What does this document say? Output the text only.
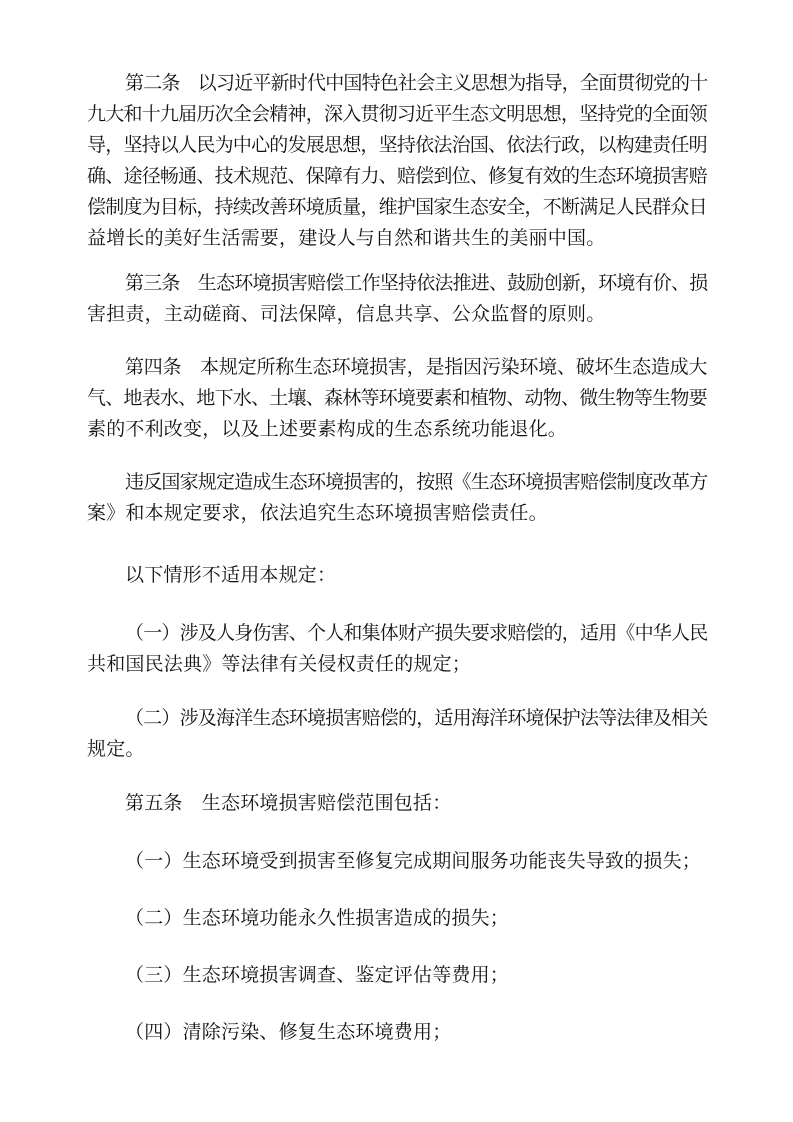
第二条　以习近平新时代中国特色社会主义思想为指导，全面贯彻党的十
九大和十九届历次全会精神，深入贯彻习近平生态文明思想，坚持党的全面领
导，坚持以人民为中心的发展思想，坚持依法治国、依法行政，以构建责任明
确、途径畅通、技术规范、保障有力、赔偿到位、修复有效的生态环境损害赔
偿制度为目标，持续改善环境质量，维护国家生态安全，不断满足人民群众日
益增长的美好生活需要，建设人与自然和谐共生的美丽中国。
第三条　生态环境损害赔偿工作坚持依法推进、鼓励创新，环境有价、损
害担责，主动磋商、司法保障，信息共享、公众监督的原则。
第四条　本规定所称生态环境损害，是指因污染环境、破坏生态造成大
气、地表水、地下水、土壤、森林等环境要素和植物、动物、微生物等生物要
素的不利改变，以及上述要素构成的生态系统功能退化。
违反国家规定造成生态环境损害的，按照《生态环境损害赔偿制度改革方
案》和本规定要求，依法追究生态环境损害赔偿责任。
以下情形不适用本规定：
（一）涉及人身伤害、个人和集体财产损失要求赔偿的，适用《中华人民
共和国民法典》等法律有关侵权责任的规定；
（二）涉及海洋生态环境损害赔偿的，适用海洋环境保护法等法律及相关
规定。
第五条　生态环境损害赔偿范围包括：
（一）生态环境受到损害至修复完成期间服务功能丧失导致的损失；
（二）生态环境功能永久性损害造成的损失；
（三）生态环境损害调查、鉴定评估等费用；
（四）清除污染、修复生态环境费用；
